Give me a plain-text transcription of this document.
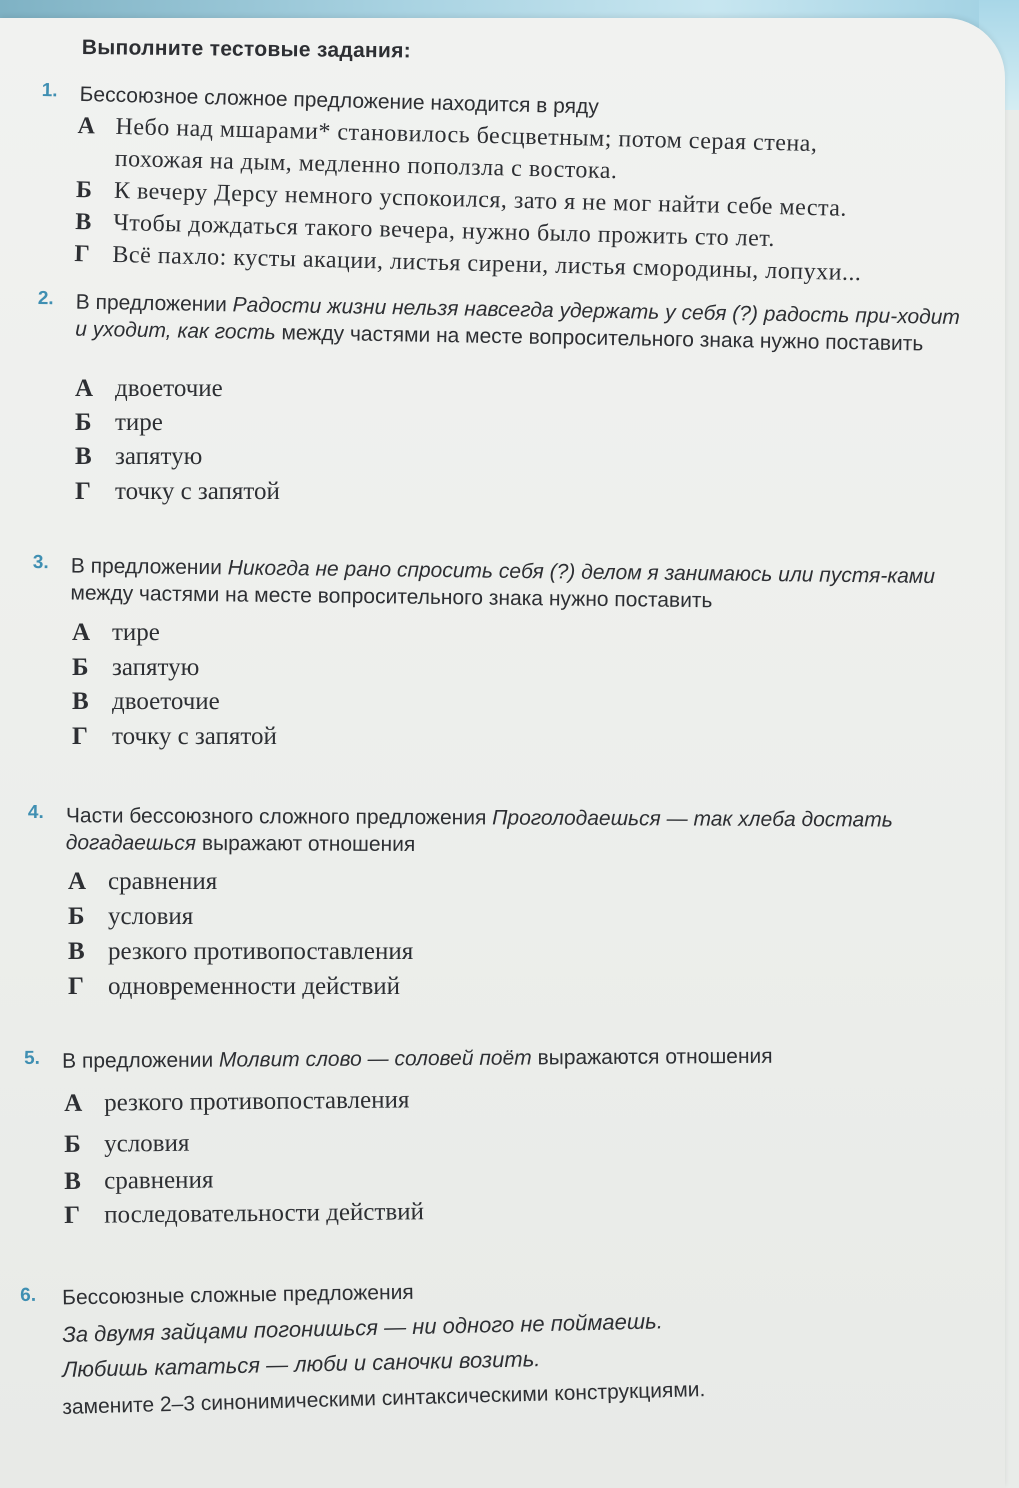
Выполните тестовые задания:
1. Бессоюзное сложное предложение находится в ряду
А Небо над мшарами* становилось бесцветным; потом серая стена,
похожая на дым, медленно поползла с востока.
Б К вечеру Дерсу немного успокоился, зато я не мог найти себе места.
В Чтобы дождаться такого вечера, нужно было прожить сто лет.
Г Всё пахло: кусты акации, листья сирени, листья смородины, лопухи...
2. В предложении Радости жизни нельзя навсегда удержать у себя (?) радость при-ходит и уходит, как гость между частями на месте вопросительного знака нужно поставить
А двоеточие
Б тире
В запятую
Г точку с запятой
3. В предложении Никогда не рано спросить себя (?) делом я занимаюсь или пустя-ками между частями на месте вопросительного знака нужно поставить
А тире
Б запятую
В двоеточие
Г точку с запятой
4. Части бессоюзного сложного предложения Проголодаешься — так хлеба достать догадаешься выражают отношения
А сравнения
Б условия
В резкого противопоставления
Г одновременности действий
5. В предложении Молвит слово — соловей поёт выражаются отношения
А резкого противопоставления
Б условия
В сравнения
Г последовательности действий
6. Бессоюзные сложные предложения
За двумя зайцами погонишься — ни одного не поймаешь.
Любишь кататься — люби и саночки возить.
замените 2–3 синонимическими синтаксическими конструкциями.
